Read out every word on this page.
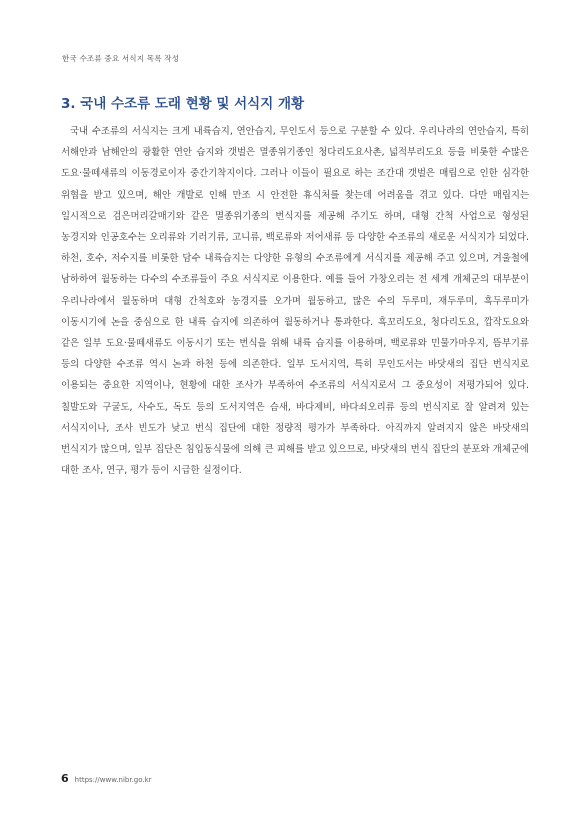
한국 수조류 중요 서식지 목록 작성
3. 국내 수조류 도래 현황 및 서식지 개황

국내 수조류의 서식지는 크게 내륙습지, 연안습지, 무인도서 등으로 구분할 수 있다. 우리나라의 연안습지, 특히 서해안과 남해안의 광활한 연안 습지와 갯벌은 멸종위기종인 청다리도요사촌, 넓적부리도요 등을 비롯한 수많은 도요·물떼새류의 이동경로이자 중간기착지이다. 그러나 이들이 필요로 하는 조간대 갯벌은 매립으로 인한 심각한 위협을 받고 있으며, 해안 개발로 인해 만조 시 안전한 휴식처를 찾는데 어려움을 겪고 있다. 다만 매립지는 일시적으로 검은머리갈매기와 같은 멸종위기종의 번식지를 제공해 주기도 하며, 대형 간척 사업으로 형성된 농경지와 인공호수는 오리류와 기러기류, 고니류, 백로류와 저어새류 등 다양한 수조류의 새로운 서식지가 되었다. 하천, 호수, 저수지를 비롯한 담수 내륙습지는 다양한 유형의 수조류에게 서식지를 제공해 주고 있으며, 겨울철에 남하하여 월동하는 다수의 수조류들이 주요 서식지로 이용한다. 예를 들어 가창오리는 전 세계 개체군의 대부분이 우리나라에서 월동하며 대형 간척호와 농경지를 오가며 월동하고, 많은 수의 두루미, 재두루미, 흑두루미가 이동시기에 논을 중심으로 한 내륙 습지에 의존하여 월동하거나 통과한다. 흑꼬리도요, 청다리도요, 깝작도요와 같은 일부 도요·물떼새류도 이동시기 또는 번식을 위해 내륙 습지를 이용하며, 백로류와 민물가마우지, 뜸부기류 등의 다양한 수조류 역시 논과 하천 등에 의존한다. 일부 도서지역, 특히 무인도서는 바닷새의 집단 번식지로 이용되는 중요한 지역이나, 현황에 대한 조사가 부족하여 수조류의 서식지로서 그 중요성이 저평가되어 있다. 칠발도와 구굴도, 사수도, 독도 등의 도서지역은 슴새, 바다제비, 바다쇠오리류 등의 번식지로 잘 알려져 있는 서식지이나, 조사 빈도가 낮고 번식 집단에 대한 정량적 평가가 부족하다. 아직까지 알려지지 않은 바닷새의 번식지가 많으며, 일부 집단은 침입동식물에 의해 큰 피해를 받고 있으므로, 바닷새의 번식 집단의 분포와 개체군에 대한 조사, 연구, 평가 등이 시급한 실정이다.

6 https://www.nibr.go.kr
